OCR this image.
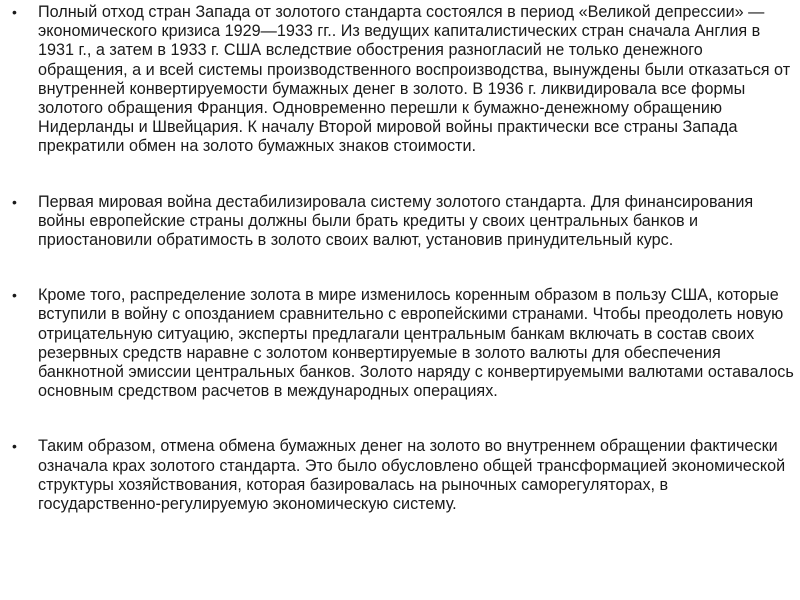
•	Полный отход стран Запада от золотого стандарта состоялся в период «Великой депрессии» — экономического кризиса 1929—1933 гг.. Из ведущих капиталистических стран сначала Англия в 1931 г., а затем в 1933 г. США вследствие обострения разногласий не только денежного обращения, а и всей системы производственного воспроизводства, вынуждены были отказаться от внутренней конвертируемости бумажных денег в золото. В 1936 г. ликвидировала все формы золотого обращения Франция. Одновременно перешли к бумажно-денежному обращению Нидерланды и Швейцария. К началу Второй мировой войны практически все страны Запада прекратили обмен на золото бумажных знаков стоимости.
•	Первая мировая война дестабилизировала систему золотого стандарта. Для финансирования войны европейские страны должны были брать кредиты у своих центральных банков и приостановили обратимость в золото своих валют, установив принудительный курс.
•	Кроме того, распределение золота в мире изменилось коренным образом в пользу США, которые вступили в войну с опозданием сравнительно с европейскими странами. Чтобы преодолеть новую отрицательную ситуацию, эксперты предлагали центральным банкам включать в состав своих резервных средств наравне с золотом конвертируемые в золото валюты для обеспечения банкнотной эмиссии центральных банков. Золото наряду с конвертируемыми валютами оставалось основным средством расчетов в международных операциях.
•	Таким образом, отмена обмена бумажных денег на золото во внутреннем обращении фактически означала крах золотого стандарта. Это было обусловлено общей трансформацией экономической структуры хозяйствования, которая базировалась на рыночных саморегуляторах, в государственно-регулируемую экономическую систему.
